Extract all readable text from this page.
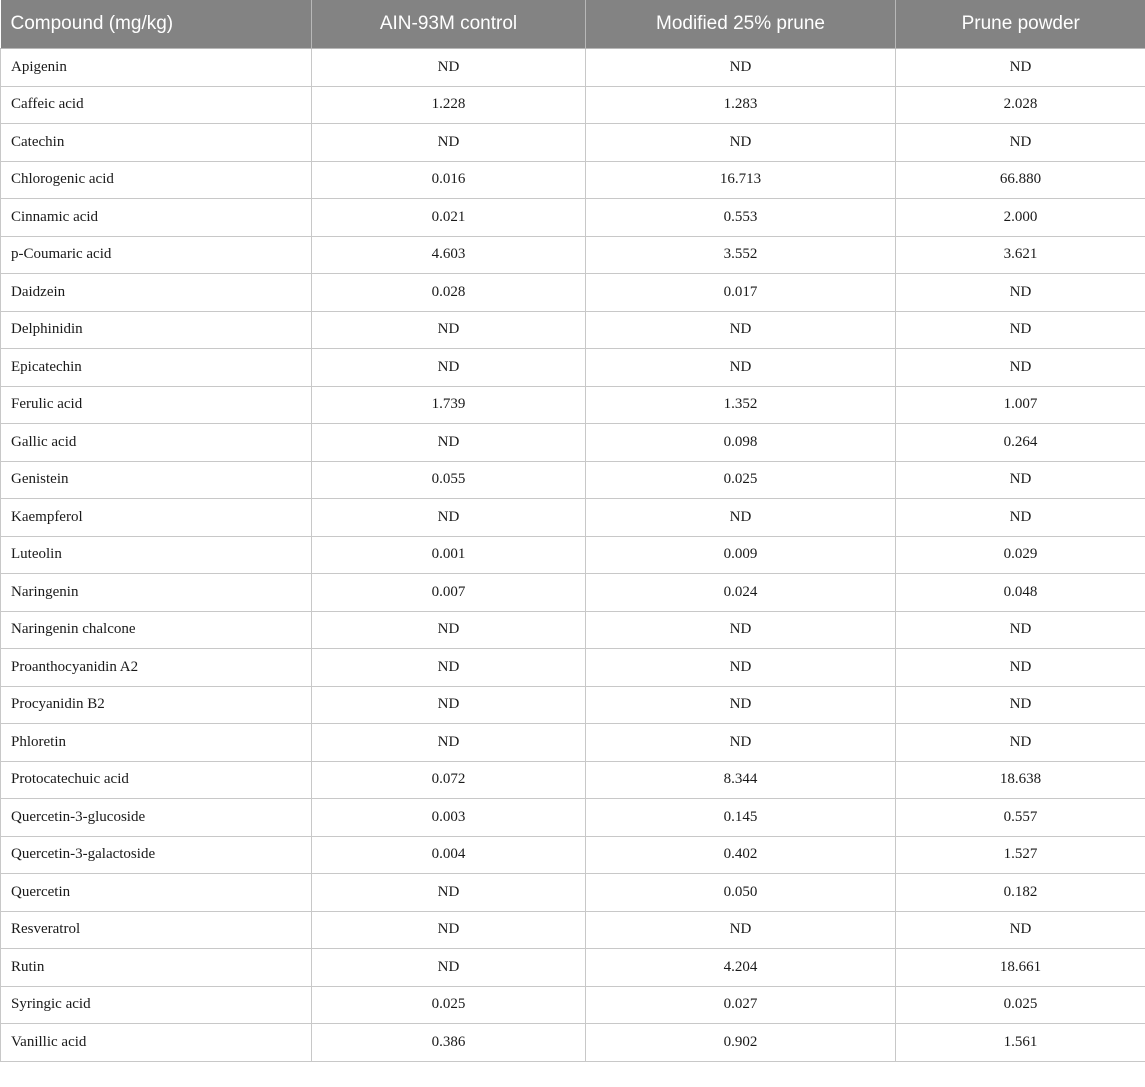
Compound (mg/kg)	AIN-93M control	Modified 25% prune	Prune powder
Apigenin	ND	ND	ND
Caffeic acid	1.228	1.283	2.028
Catechin	ND	ND	ND
Chlorogenic acid	0.016	16.713	66.880
Cinnamic acid	0.021	0.553	2.000
p-Coumaric acid	4.603	3.552	3.621
Daidzein	0.028	0.017	ND
Delphinidin	ND	ND	ND
Epicatechin	ND	ND	ND
Ferulic acid	1.739	1.352	1.007
Gallic acid	ND	0.098	0.264
Genistein	0.055	0.025	ND
Kaempferol	ND	ND	ND
Luteolin	0.001	0.009	0.029
Naringenin	0.007	0.024	0.048
Naringenin chalcone	ND	ND	ND
Proanthocyanidin A2	ND	ND	ND
Procyanidin B2	ND	ND	ND
Phloretin	ND	ND	ND
Protocatechuic acid	0.072	8.344	18.638
Quercetin-3-glucoside	0.003	0.145	0.557
Quercetin-3-galactoside	0.004	0.402	1.527
Quercetin	ND	0.050	0.182
Resveratrol	ND	ND	ND
Rutin	ND	4.204	18.661
Syringic acid	0.025	0.027	0.025
Vanillic acid	0.386	0.902	1.561
